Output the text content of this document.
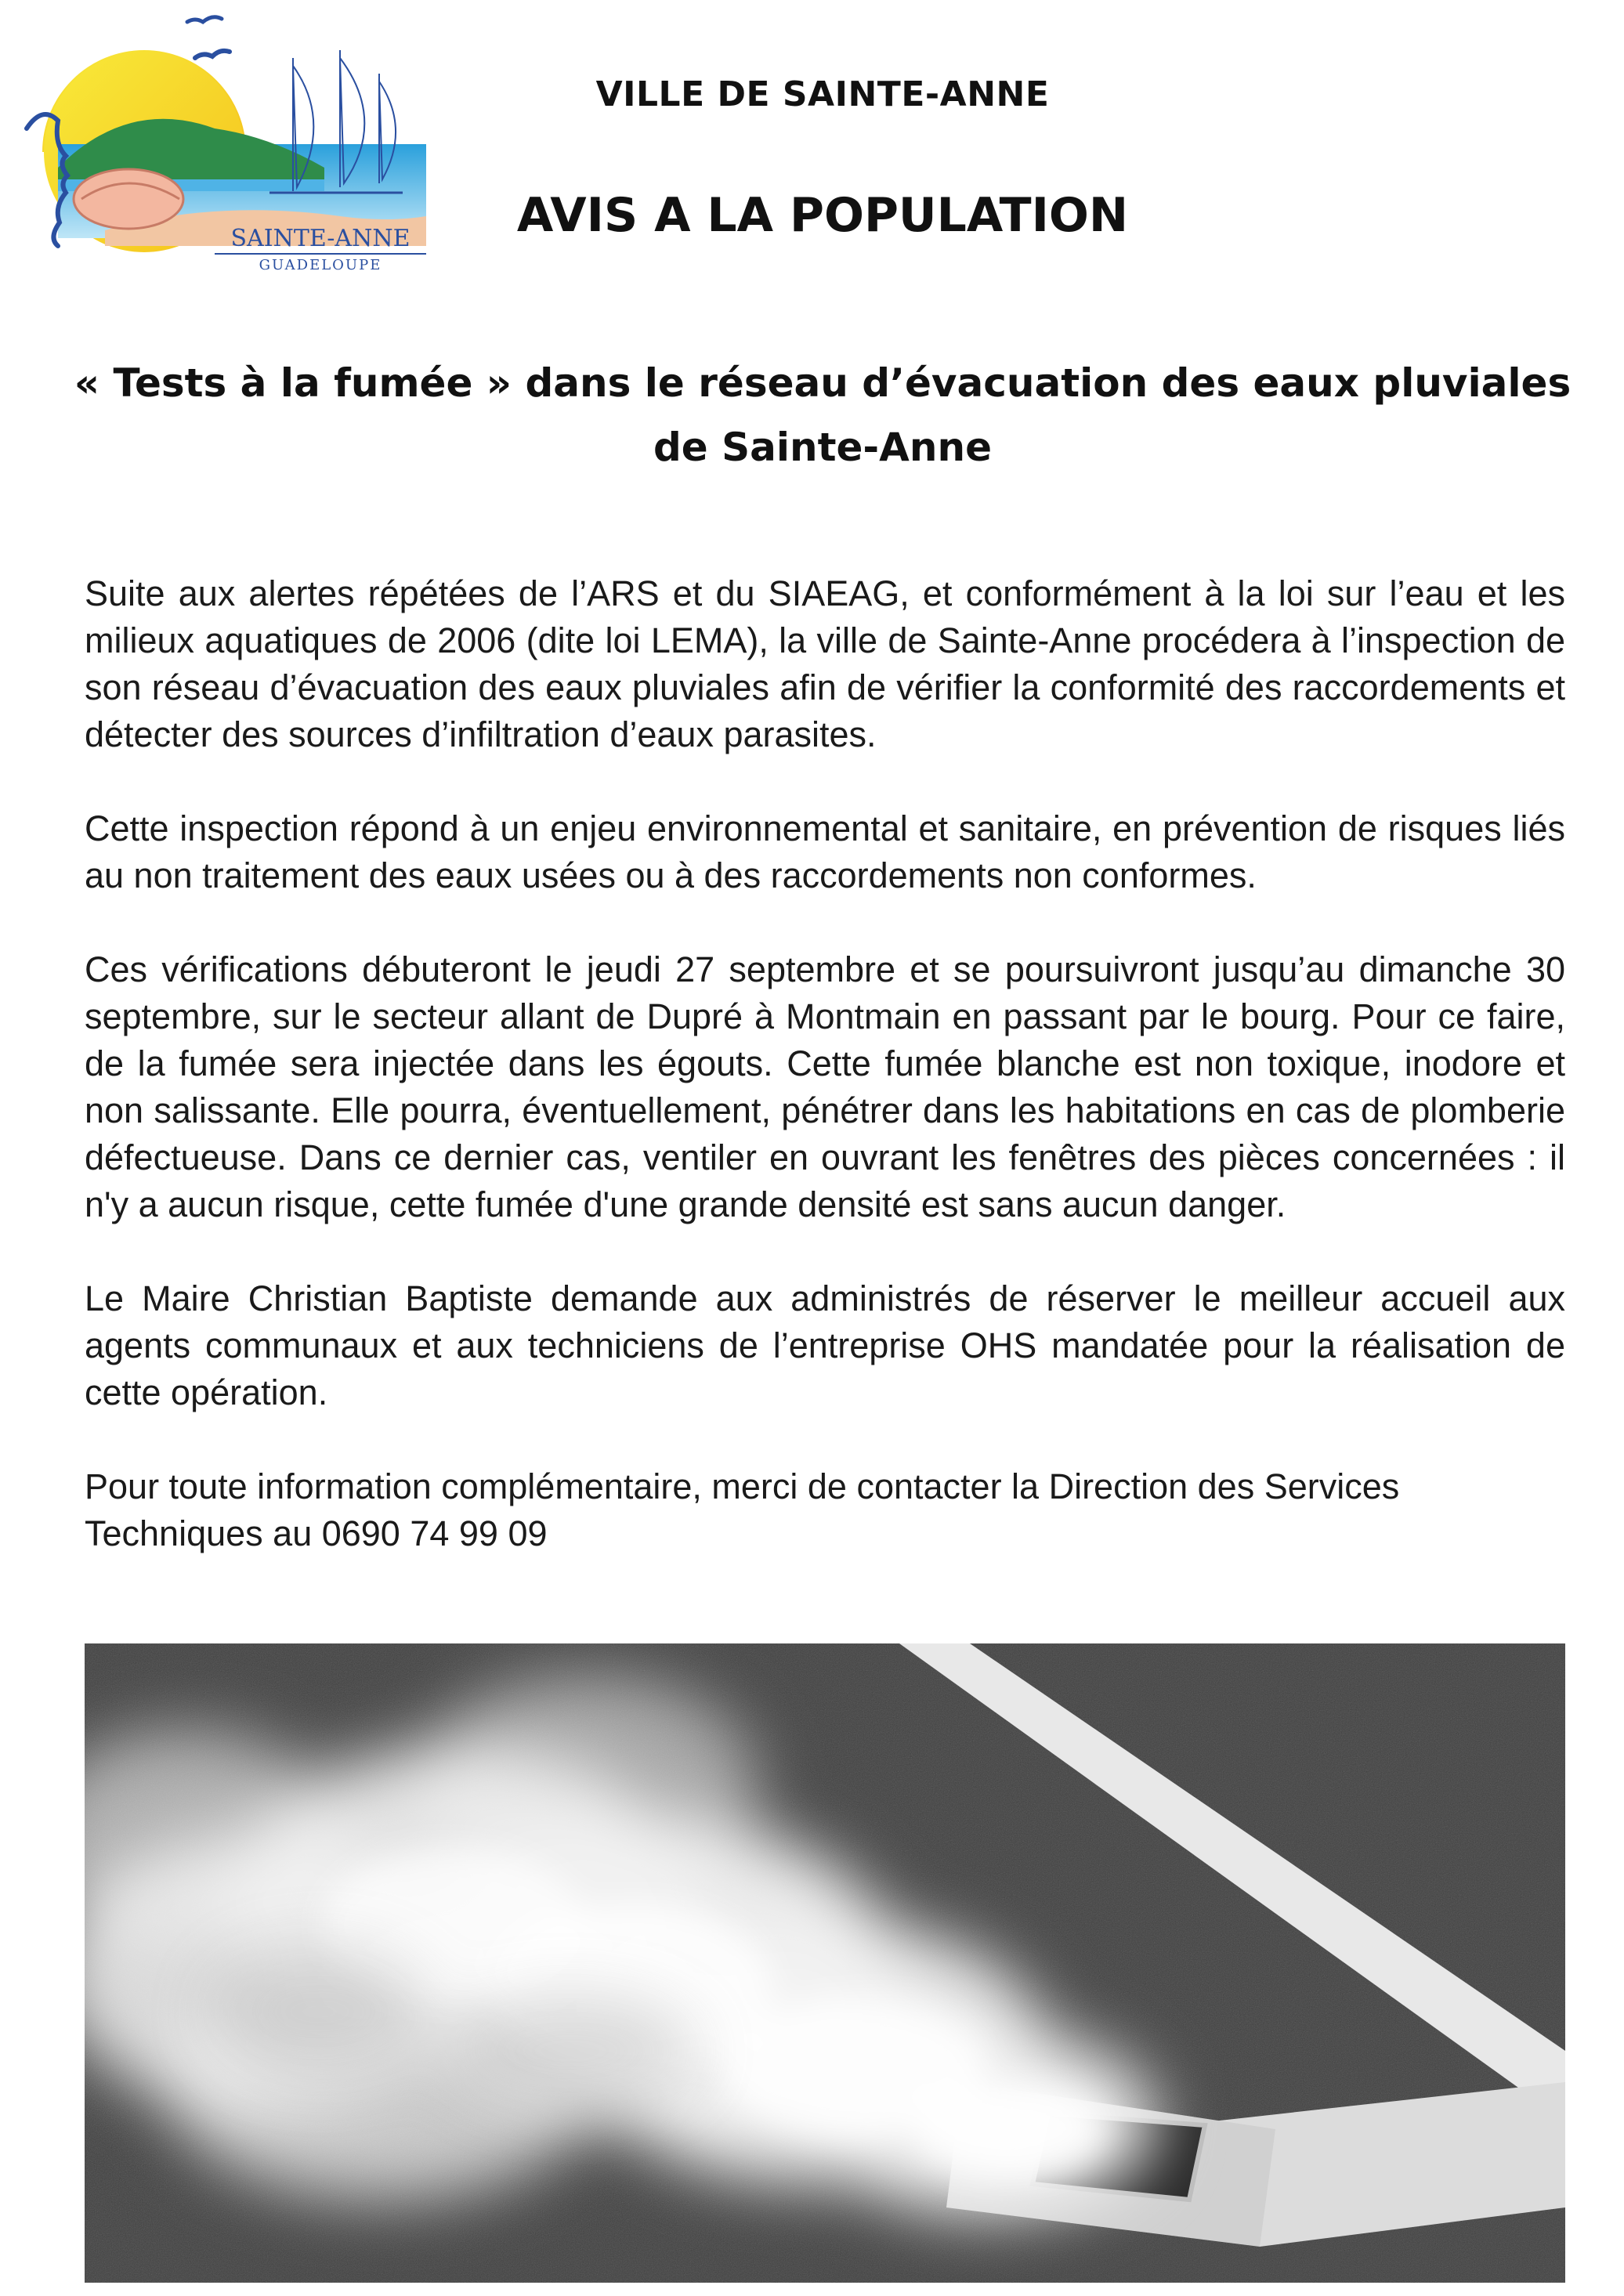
SAINTE-ANNE
GUADELOUPE
VILLE DE SAINTE-ANNE
AVIS A LA POPULATION
« Tests à la fumée » dans le réseau d’évacuation des eaux pluviales
de Sainte-Anne

Suite aux alertes répétées de l’ARS et du SIAEAG, et conformément à la loi sur l’eau et les milieux aquatiques de 2006 (dite loi LEMA), la ville de Sainte-Anne procédera à l’inspection de son réseau d’évacuation des eaux pluviales afin de vérifier la conformité des raccordements et détecter des sources d’infiltration d’eaux parasites.

Cette inspection répond à un enjeu environnemental et sanitaire, en prévention de risques liés au non traitement des eaux usées ou à des raccordements non conformes.

Ces vérifications débuteront le jeudi 27 septembre et se poursuivront jusqu’au dimanche 30 septembre, sur le secteur allant de Dupré à Montmain en passant par le bourg. Pour ce faire, de la fumée sera injectée dans les égouts. Cette fumée blanche est non toxique, inodore et non salissante. Elle pourra, éventuellement, pénétrer dans les habitations en cas de plomberie défectueuse. Dans ce dernier cas, ventiler en ouvrant les fenêtres des pièces concernées : il n'y a aucun risque, cette fumée d'une grande densité est sans aucun danger.

Le Maire Christian Baptiste demande aux administrés de réserver le meilleur accueil aux agents communaux et aux techniciens de l’entreprise OHS mandatée pour la réalisation de cette opération.

Pour toute information complémentaire, merci de contacter la Direction des Services Techniques au 0690 74 99 09
